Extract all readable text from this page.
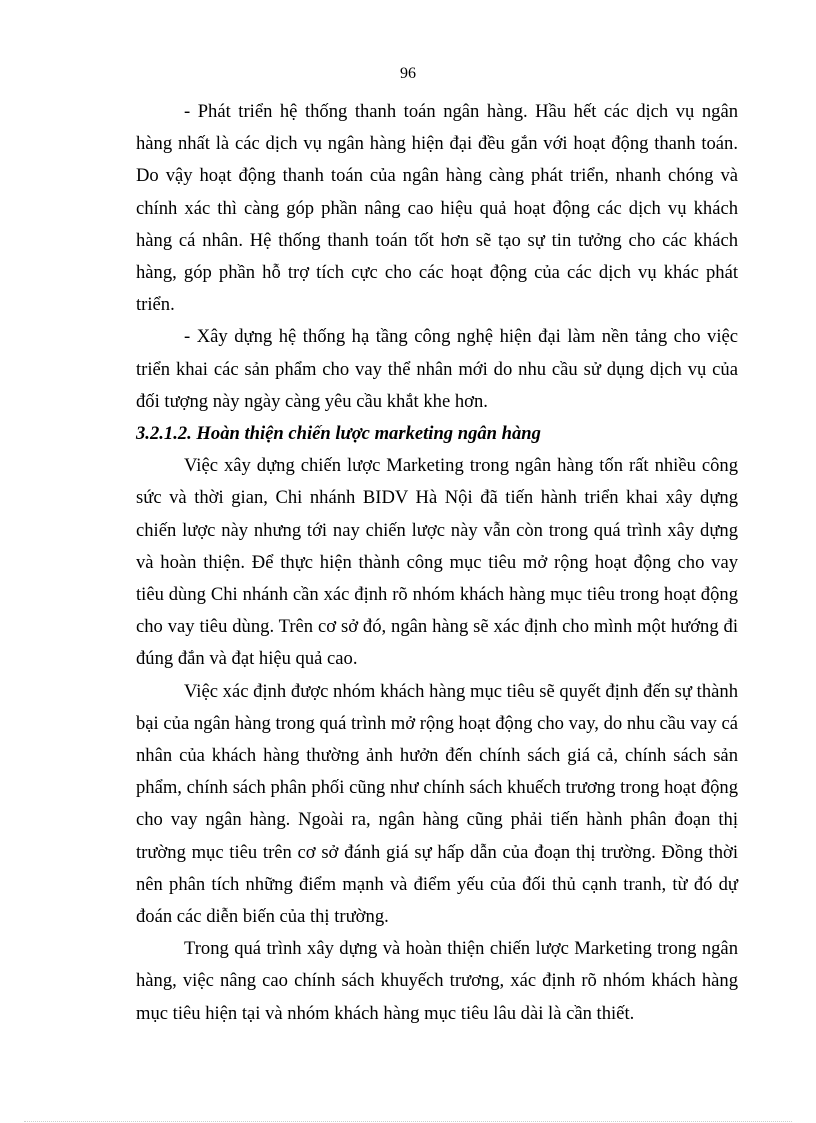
96

- Phát triển hệ thống thanh toán ngân hàng. Hầu hết các dịch vụ ngân hàng nhất là các dịch vụ ngân hàng hiện đại đều gắn với hoạt động thanh toán. Do vậy hoạt động thanh toán của ngân hàng càng phát triển, nhanh chóng và chính xác thì càng góp phần nâng cao hiệu quả hoạt động các dịch vụ khách hàng cá nhân. Hệ thống thanh toán tốt hơn sẽ tạo sự tin tưởng cho các khách hàng, góp phần hỗ trợ tích cực cho các hoạt động của các dịch vụ khác phát triển.

- Xây dựng hệ thống hạ tầng công nghệ hiện đại làm nền tảng cho việc triển khai các sản phẩm cho vay thể nhân mới do nhu cầu sử dụng dịch vụ của đối tượng này ngày càng yêu cầu khắt khe hơn.

3.2.1.2. Hoàn thiện chiến lược marketing ngân hàng

Việc xây dựng chiến lược Marketing trong ngân hàng tốn rất nhiều công sức và thời gian, Chi nhánh BIDV Hà Nội đã tiến hành triển khai xây dựng chiến lược này nhưng tới nay chiến lược này vẫn còn trong quá trình xây dựng và hoàn thiện. Để thực hiện thành công mục tiêu mở rộng hoạt động cho vay tiêu dùng Chi nhánh cần xác định rõ nhóm khách hàng mục tiêu trong hoạt động cho vay tiêu dùng. Trên cơ sở đó, ngân hàng sẽ xác định cho mình một hướng đi đúng đắn và đạt hiệu quả cao.

Việc xác định được nhóm khách hàng mục tiêu sẽ quyết định đến sự thành bại của ngân hàng trong quá trình mở rộng hoạt động cho vay, do nhu cầu vay cá nhân của khách hàng thường ảnh hưởn đến chính sách giá cả, chính sách sản phẩm, chính sách phân phối cũng như chính sách khuếch trương trong hoạt động cho vay ngân hàng. Ngoài ra, ngân hàng cũng phải tiến hành phân đoạn thị trường mục tiêu trên cơ sở đánh giá sự hấp dẫn của đoạn thị trường. Đồng thời nên phân tích những điểm mạnh và điểm yếu của đối thủ cạnh tranh, từ đó dự đoán các diễn biến của thị trường.

Trong quá trình xây dựng và hoàn thiện chiến lược Marketing trong ngân hàng, việc nâng cao chính sách khuyếch trương, xác định rõ nhóm khách hàng mục tiêu hiện tại và nhóm khách hàng mục tiêu lâu dài là cần thiết.
